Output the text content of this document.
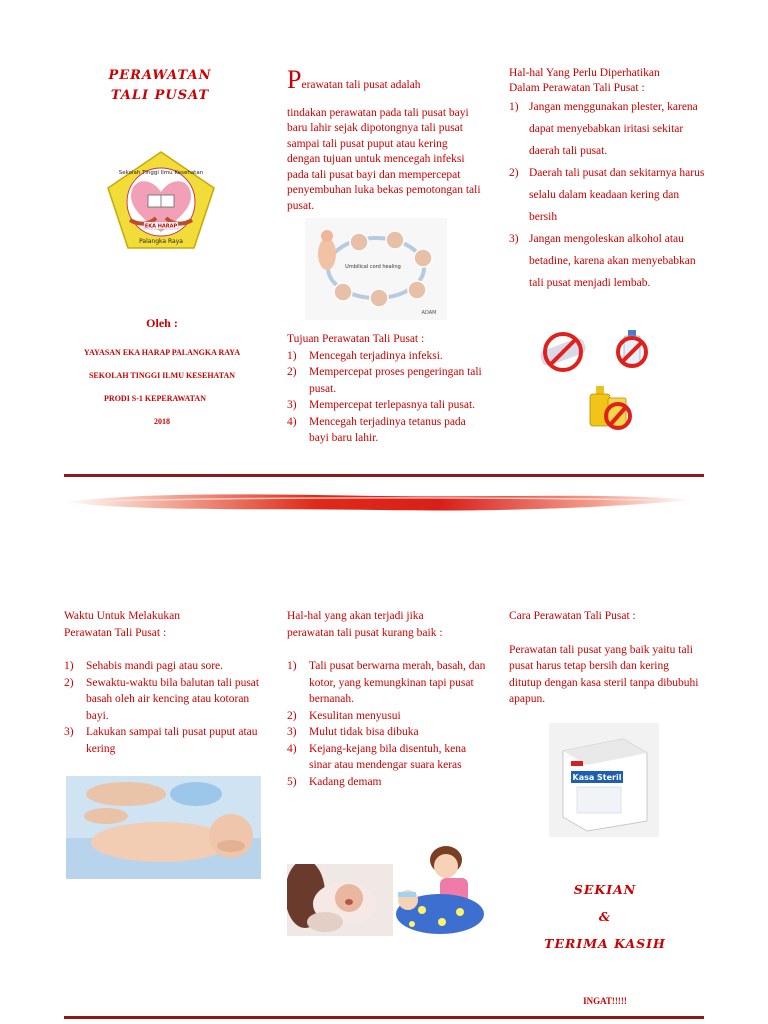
PERAWATAN
TALI PUSAT
Sekolah Tinggi Ilmu Kesehatan
EKA HARAP
Palangka Raya
Oleh :
YAYASAN EKA HARAP PALANGKA RAYA
SEKOLAH TINGGI ILMU KESEHATAN
PRODI S-1 KEPERAWATAN
2018
Perawatan tali pusat adalah
tindakan perawatan pada tali pusat bayi baru lahir sejak dipotongnya tali pusat sampai tali pusat puput atau kering dengan tujuan untuk mencegah infeksi pada tali pusat bayi dan mempercepat penyembuhan luka bekas pemotongan tali pusat.
Umbilical cord healing
ADAM
Tujuan Perawatan Tali Pusat :
1) Mencegah terjadinya infeksi.
2) Mempercepat proses pengeringan tali pusat.
3) Mempercepat terlepasnya tali pusat.
4) Mencegah terjadinya tetanus pada bayi baru lahir.
Hal-hal Yang Perlu Diperhatikan
Dalam Perawatan Tali Pusat :
1) Jangan menggunakan plester, karena dapat menyebabkan iritasi sekitar daerah tali pusat.
2) Daerah tali pusat dan sekitarnya harus selalu dalam keadaan kering dan bersih
3) Jangan mengoleskan alkohol atau betadine, karena akan menyebabkan tali pusat menjadi lembab.
Waktu Untuk Melakukan
Perawatan Tali Pusat :
1) Sehabis mandi pagi atau sore.
2) Sewaktu-waktu bila balutan tali pusat basah oleh air kencing atau kotoran bayi.
3) Lakukan sampai tali pusat puput atau kering
Hal-hal yang akan terjadi jika
perawatan tali pusat kurang baik :
1) Tali pusat berwarna merah, basah, dan kotor, yang kemungkinan tapi pusat bernanah.
2) Kesulitan menyusui
3) Mulut tidak bisa dibuka
4) Kejang-kejang bila disentuh, kena sinar atau mendengar suara keras
5) Kadang demam
Cara Perawatan Tali Pusat :
Perawatan tali pusat yang baik yaitu tali pusat harus tetap bersih dan kering ditutup dengan kasa steril tanpa dibubuhi apapun.
Kasa Steril
SEKIAN
&
TERIMA KASIH
INGAT!!!!!
